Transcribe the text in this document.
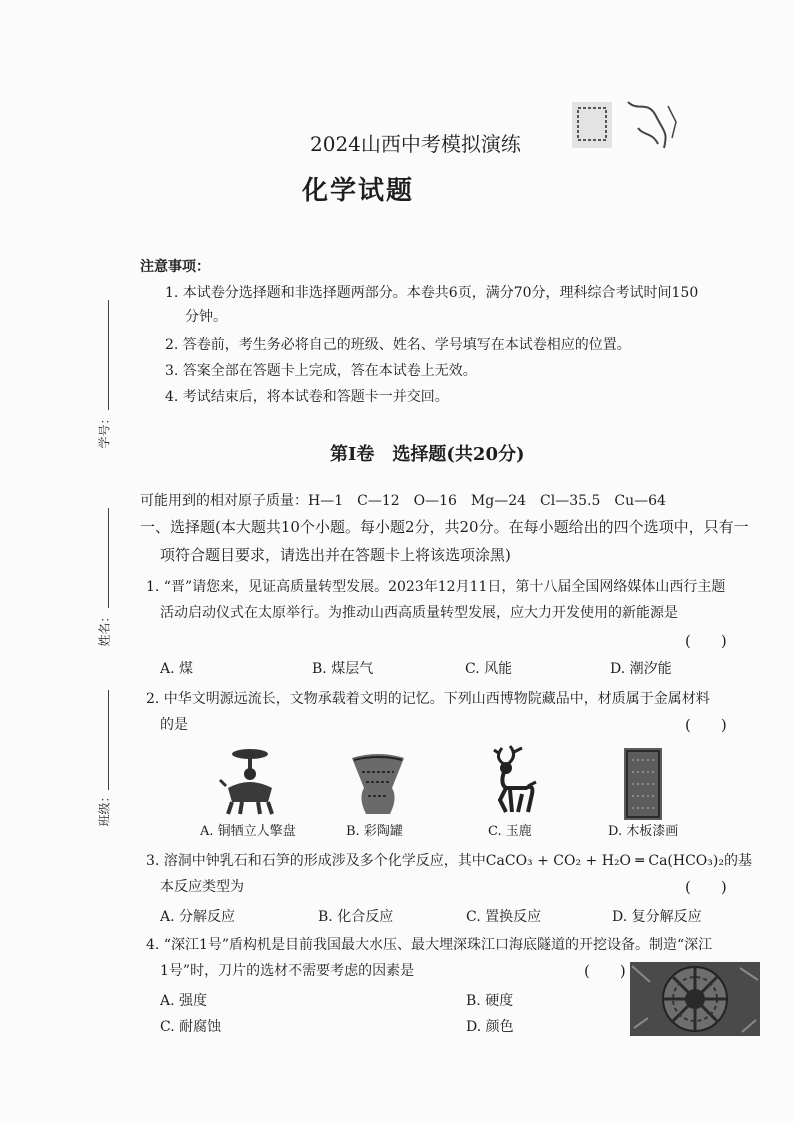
2024山西中考模拟演练
化学试题
注意事项：
1. 本试卷分选择题和非选择题两部分。本卷共6页，满分70分，理科综合考试时间150
分钟。
2. 答卷前，考生务必将自己的班级、姓名、学号填写在本试卷相应的位置。
3. 答案全部在答题卡上完成，答在本试卷上无效。
4. 考试结束后，将本试卷和答题卡一并交回。
学号：
姓名：
班级：
第Ⅰ卷　选择题(共20分)
可能用到的相对原子质量：H—1　C—12　O—16　Mg—24　Cl—35.5　Cu—64
一、选择题(本大题共10个小题。每小题2分，共20分。在每小题给出的四个选项中，只有一
项符合题目要求，请选出并在答题卡上将该选项涂黑)
1. “晋”请您来，见证高质量转型发展。2023年12月11日，第十八届全国网络媒体山西行主题
活动启动仪式在太原举行。为推动山西高质量转型发展，应大力开发使用的新能源是
(　　)
A. 煤	B. 煤层气	C. 风能	D. 潮汐能
2. 中华文明源远流长，文物承载着文明的记忆。下列山西博物院藏品中，材质属于金属材料
的是	(　　)
A. 铜牺立人擎盘	B. 彩陶罐	C. 玉鹿	D. 木板漆画
3. 溶洞中钟乳石和石笋的形成涉及多个化学反应，其中CaCO₃ + CO₂ + H₂O ═ Ca(HCO₃)₂的基
本反应类型为	(　　)
A. 分解反应	B. 化合反应	C. 置换反应	D. 复分解反应
4. “深江1号”盾构机是目前我国最大水压、最大埋深珠江口海底隧道的开挖设备。制造“深江
1号”时，刀片的选材不需要考虑的因素是	(　　)
A. 强度	B. 硬度
C. 耐腐蚀	D. 颜色
